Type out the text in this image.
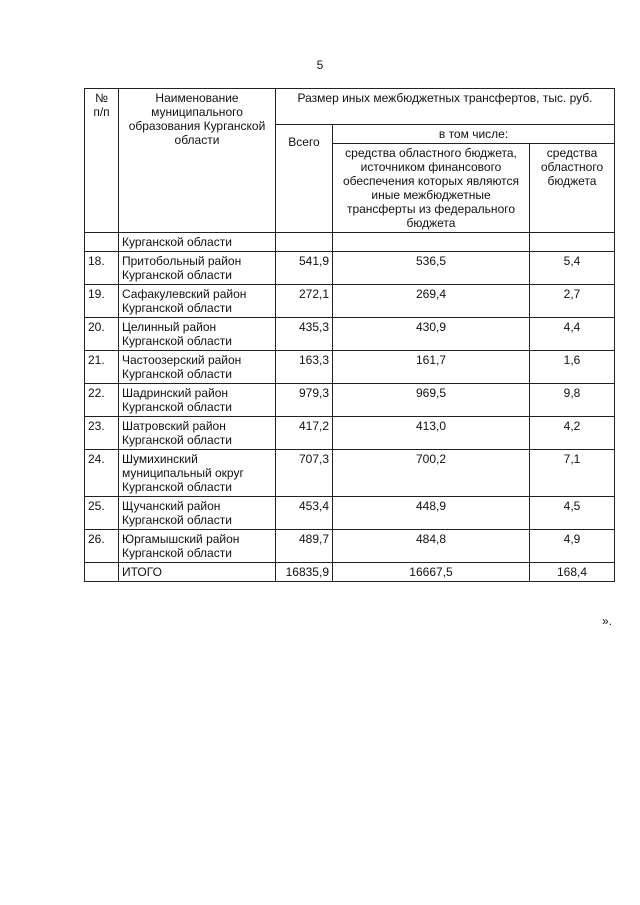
5
№
п/п	Наименование муниципального образования Курганской области	Размер иных межбюджетных трансфертов, тыс. руб.		
		Всего	в том числе:	
			средства областного бюджета, источником финансового обеспечения которых являются иные межбюджетные трансферты из федерального бюджета	средства областного бюджета
	Курганской области			
18.	Притобольный район Курганской области	541,9	536,5	5,4
19.	Сафакулевский район Курганской области	272,1	269,4	2,7
20.	Целинный район Курганской области	435,3	430,9	4,4
21.	Частоозерский район Курганской области	163,3	161,7	1,6
22.	Шадринский район Курганской области	979,3	969,5	9,8
23.	Шатровский район Курганской области	417,2	413,0	4,2
24.	Шумихинский муниципальный округ Курганской области	707,3	700,2	7,1
25.	Щучанский район Курганской области	453,4	448,9	4,5
26.	Юргамышский район Курганской области	489,7	484,8	4,9
	ИТОГО	16835,9	16667,5	168,4
».
